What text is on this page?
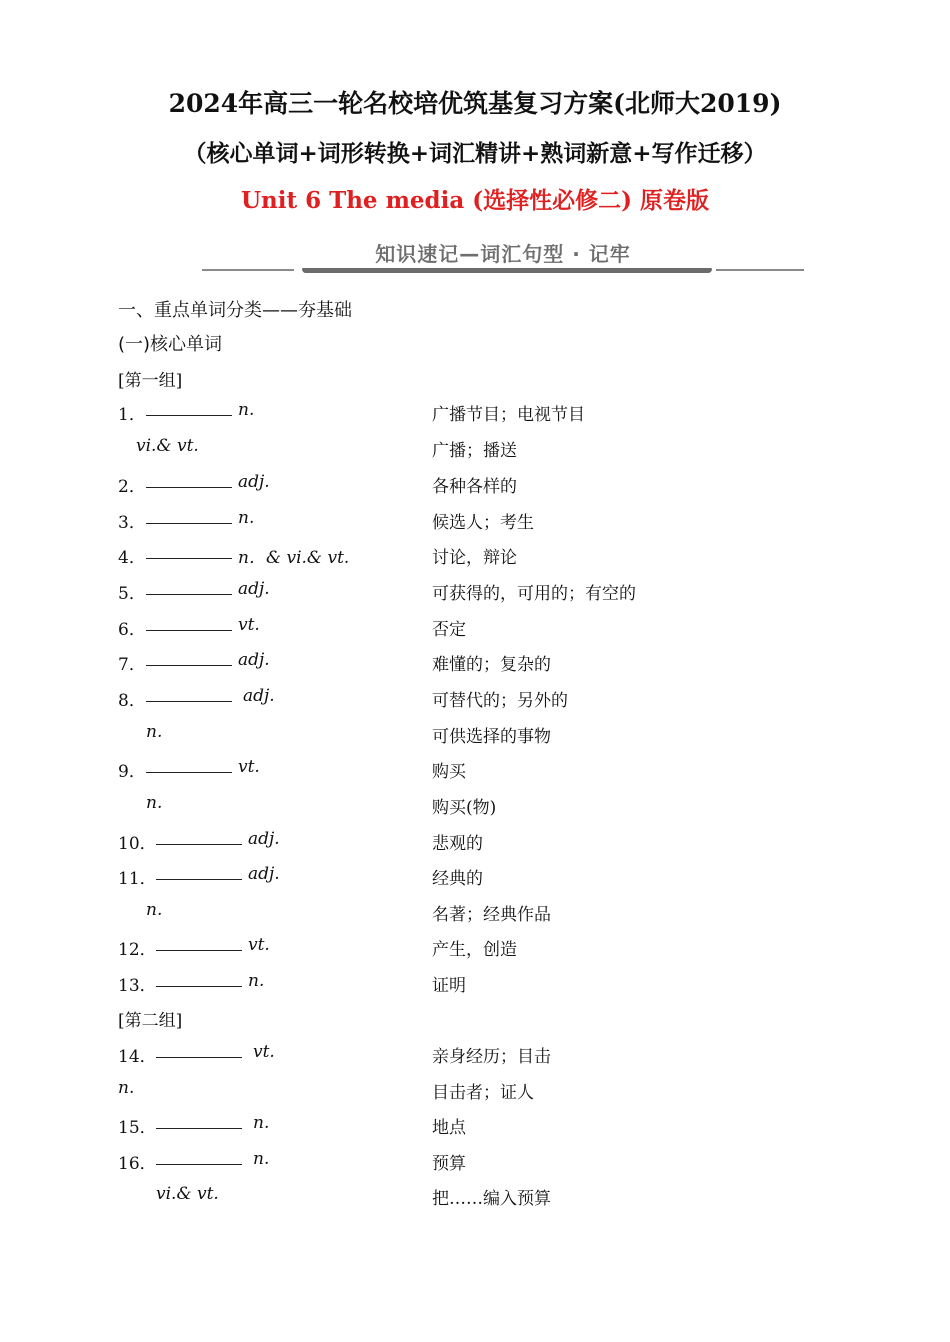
2024年高三一轮名校培优筑基复习方案(北师大2019)
（核心单词+词形转换+词汇精讲+熟词新意+写作迁移）
Unit 6 The media (选择性必修二) 原卷版
知识速记—词汇句型 · 记牢
一、重点单词分类——夯基础
(一)核心单词
[第一组]
[第二组]
1．	n.	广播节目；电视节目
vi.& vt.	广播；播送
2．	adj.	各种各样的
3．	n.	候选人；考生
4．	n．& vi.& vt.	讨论，辩论
5．	adj.	可获得的，可用的；有空的
6．	vt.	否定
7．	adj.	难懂的；复杂的
8．	adj.	可替代的；另外的
n.	可供选择的事物
9．	vt.	购买
n.	购买(物)
10．	adj.	悲观的
11．	adj.	经典的
n.	名著；经典作品
12．	vt.	产生，创造
13．	n.	证明
14．	vt.	亲身经历；目击
n.	目击者；证人
15．	n.	地点
16．	n.	预算
vi.& vt.	把……编入预算
